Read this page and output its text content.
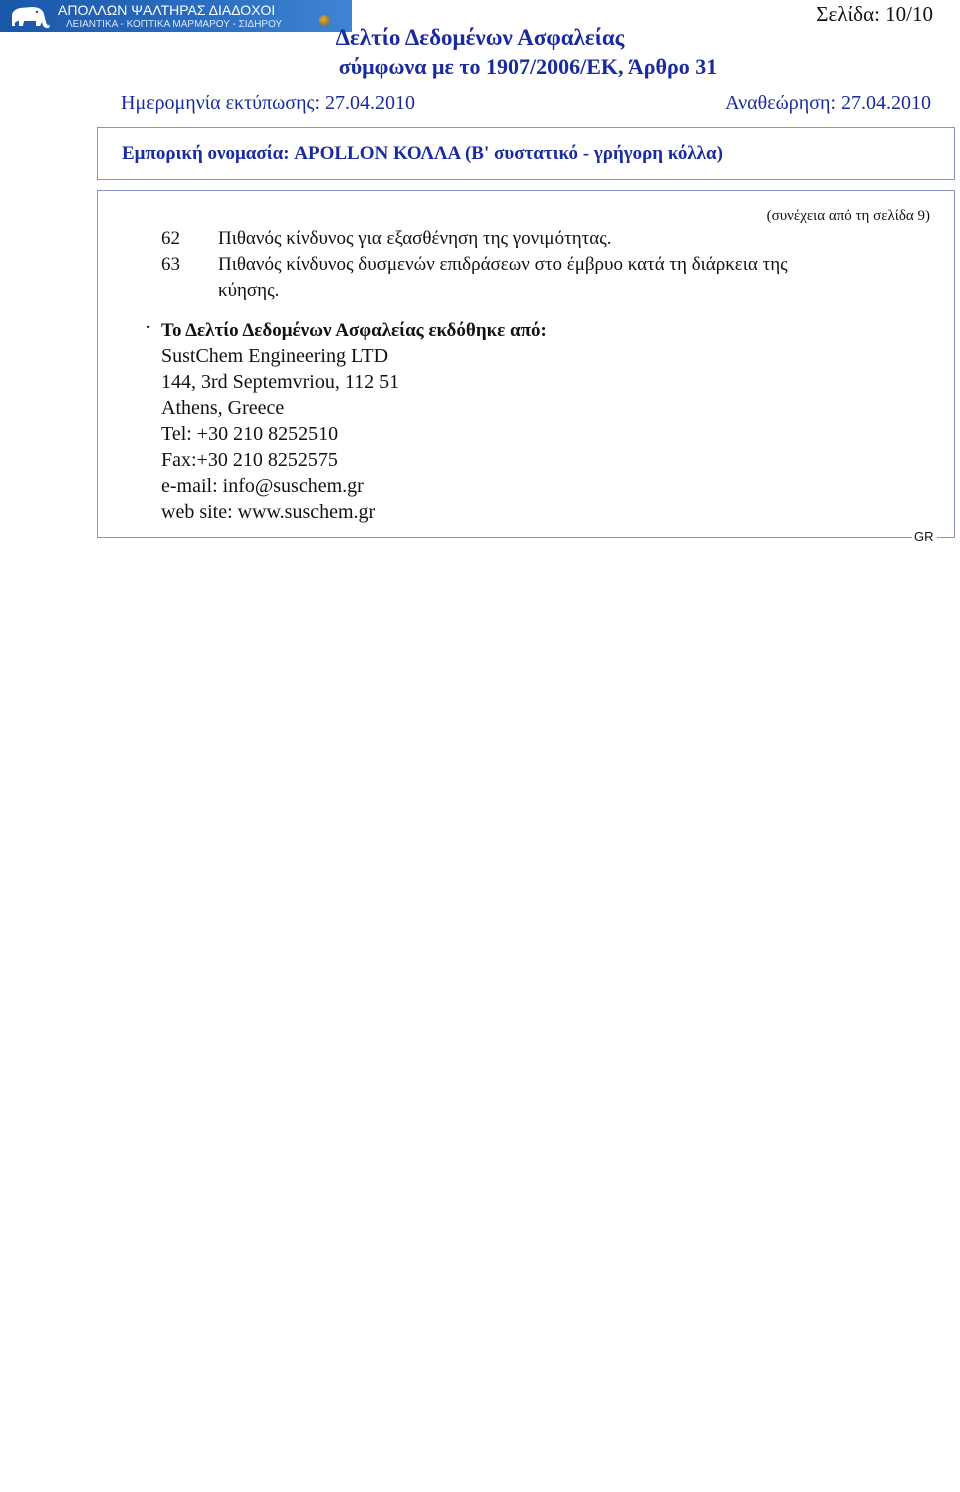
ΑΠΟΛΛΩΝ ΨΑΛΤΗΡΑΣ ΔΙΑΔΟΧΟΙ
ΛΕΙΑΝΤΙΚΑ - ΚΟΠΤΙΚΑ ΜΑΡΜΑΡΟΥ - ΣΙΔΗΡΟΥ	Σελίδα: 10/10
Δελτίο Δεδομένων Ασφαλείας
σύμφωνα με το 1907/2006/ΕΚ, Άρθρο 31
Ημερομηνία εκτύπωσης: 27.04.2010	Αναθεώρηση: 27.04.2010
Εμπορική ονομασία: APOLLON ΚΟΛΛΑ (B' συστατικό - γρήγορη κόλλα)
(συνέχεια από τη σελίδα 9)
62 Πιθανός κίνδυνος για εξασθένηση της γονιμότητας.
63 Πιθανός κίνδυνος δυσμενών επιδράσεων στο έμβρυο κατά τη διάρκεια της
κύησης.
· Το Δελτίο Δεδομένων Ασφαλείας εκδόθηκε από:
SustChem Engineering LTD
144, 3rd Septemvriou, 112 51
Athens, Greece
Tel: +30 210 8252510
Fax:+30 210 8252575
e-mail: info@suschem.gr
web site: www.suschem.gr
GR
